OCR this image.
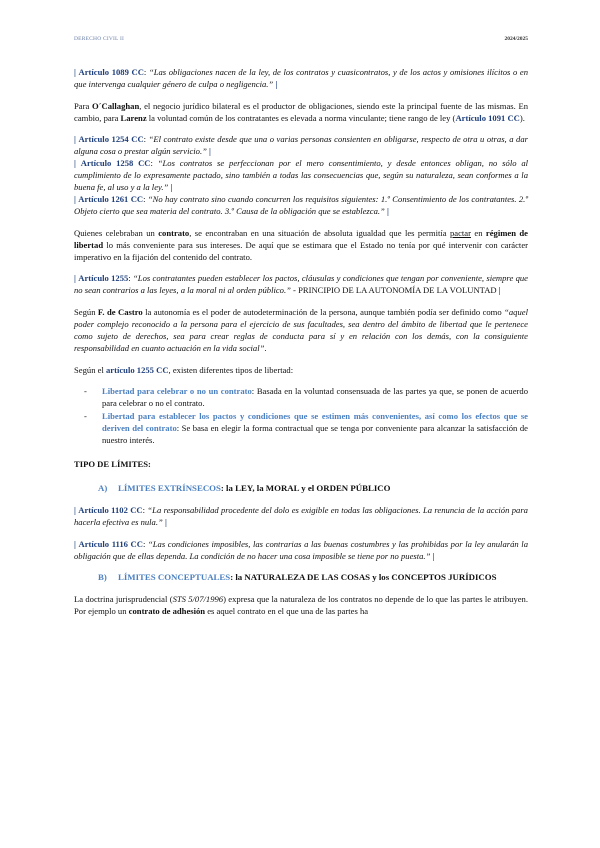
DERECHO CIVIL II	2024/2025

| Artículo 1089 CC: “Las obligaciones nacen de la ley, de los contratos y cuasicontratos, y de los actos y omisiones ilícitos o en que intervenga cualquier género de culpa o negligencia.” |

Para O´Callaghan, el negocio jurídico bilateral es el productor de obligaciones, siendo este la principal fuente de las mismas. En cambio, para Larenz la voluntad común de los contratantes es elevada a norma vinculante; tiene rango de ley (Artículo 1091 CC).

| Artículo 1254 CC: “El contrato existe desde que una o varias personas consienten en obligarse, respecto de otra u otras, a dar alguna cosa o prestar algún servicio.” |
| Artículo 1258 CC: “Los contratos se perfeccionan por el mero consentimiento, y desde entonces obligan, no sólo al cumplimiento de lo expresamente pactado, sino también a todas las consecuencias que, según su naturaleza, sean conformes a la buena fe, al uso y a la ley.” |
| Artículo 1261 CC: “No hay contrato sino cuando concurren los requisitos siguientes: 1.º Consentimiento de los contratantes. 2.º Objeto cierto que sea materia del contrato. 3.º Causa de la obligación que se establezca.” |

Quienes celebraban un contrato, se encontraban en una situación de absoluta igualdad que les permitía pactar en régimen de libertad lo más conveniente para sus intereses. De aquí que se estimara que el Estado no tenía por qué intervenir con carácter imperativo en la fijación del contenido del contrato.

| Artículo 1255: “Los contratantes pueden establecer los pactos, cláusulas y condiciones que tengan por conveniente, siempre que no sean contrarios a las leyes, a la moral ni al orden público.” - PRINCIPIO DE LA AUTONOMÍA DE LA VOLUNTAD |

Según F. de Castro la autonomía es el poder de autodeterminación de la persona, aunque también podía ser definido como “aquel poder complejo reconocido a la persona para el ejercicio de sus facultades, sea dentro del ámbito de libertad que le pertenece como sujeto de derechos, sea para crear reglas de conducta para sí y en relación con los demás, con la consiguiente responsabilidad en cuanto actuación en la vida social”.

Según el artículo 1255 CC, existen diferentes tipos de libertad:

- Libertad para celebrar o no un contrato: Basada en la voluntad consensuada de las partes ya que, se ponen de acuerdo para celebrar o no el contrato.
- Libertad para establecer los pactos y condiciones que se estimen más convenientes, así como los efectos que se deriven del contrato: Se basa en elegir la forma contractual que se tenga por conveniente para alcanzar la satisfacción de nuestro interés.

TIPO DE LÍMITES:

A) LÍMITES EXTRÍNSECOS: la LEY, la MORAL y el ORDEN PÚBLICO

| Artículo 1102 CC: “La responsabilidad procedente del dolo es exigible en todas las obligaciones. La renuncia de la acción para hacerla efectiva es nula.” |

| Artículo 1116 CC: “Las condiciones imposibles, las contrarias a las buenas costumbres y las prohibidas por la ley anularán la obligación que de ellas dependa. La condición de no hacer una cosa imposible se tiene por no puesta.” |

B)	LÍMITES CONCEPTUALES: la NATURALEZA DE LAS COSAS y los CONCEPTOS JURÍDICOS

La doctrina jurisprudencial (STS 5/07/1996) expresa que la naturaleza de los contratos no depende de lo que las partes le atribuyen. Por ejemplo un contrato de adhesión es aquel contrato en el que una de las partes ha
